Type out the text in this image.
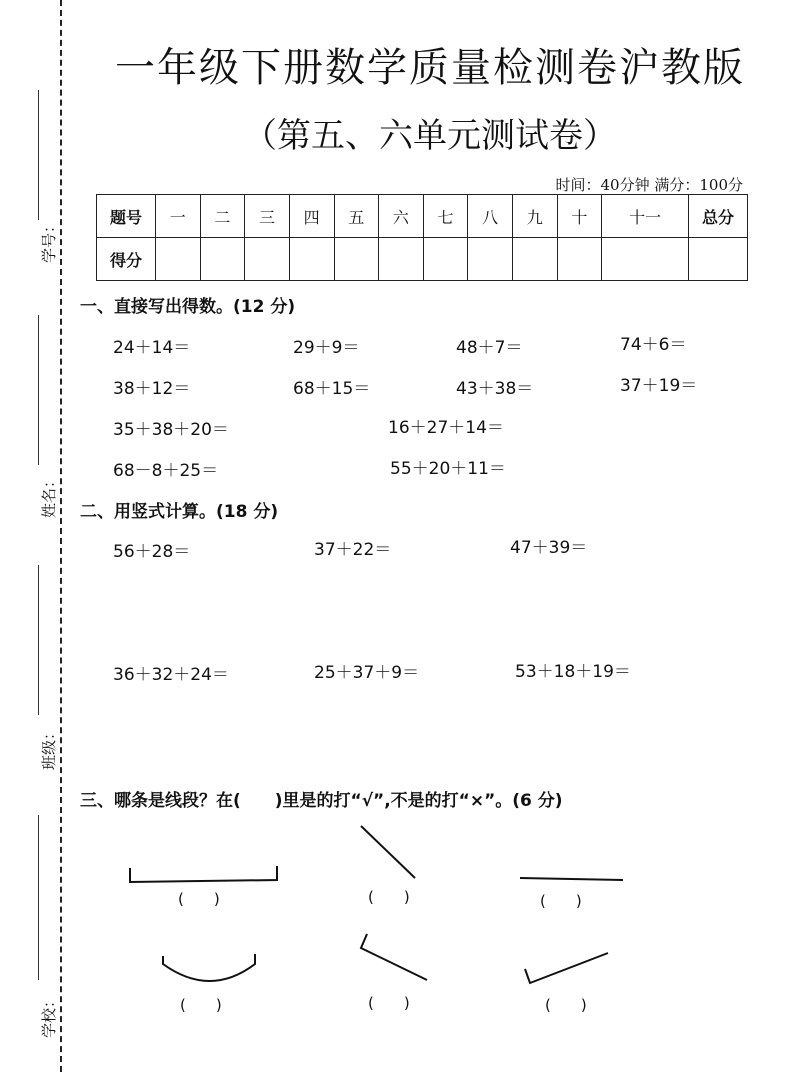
学号：
姓名：
班级：
学校：
一年级下册数学质量检测卷沪教版
（第五、六单元测试卷）
时间：40分钟 满分：100分
题号	一	二	三	四	五	六	七	八	九	十	十一	总分
得分												
一、直接写出得数。(12 分)
24＋14＝	29＋9＝	48＋7＝	74＋6＝
38＋12＝	68＋15＝	43＋38＝	37＋19＝
35＋38＋20＝	16＋27＋14＝
68－8＋25＝	55＋20＋11＝
二、用竖式计算。(18 分)
56＋28＝	37＋22＝	47＋39＝
36＋32＋24＝	25＋37＋9＝	53＋18＋19＝
三、哪条是线段？在(　　)里是的打“√”,不是的打“×”。(6 分)
(　　)	(　　)	(　　)
(　　)	(　　)	(　　)
